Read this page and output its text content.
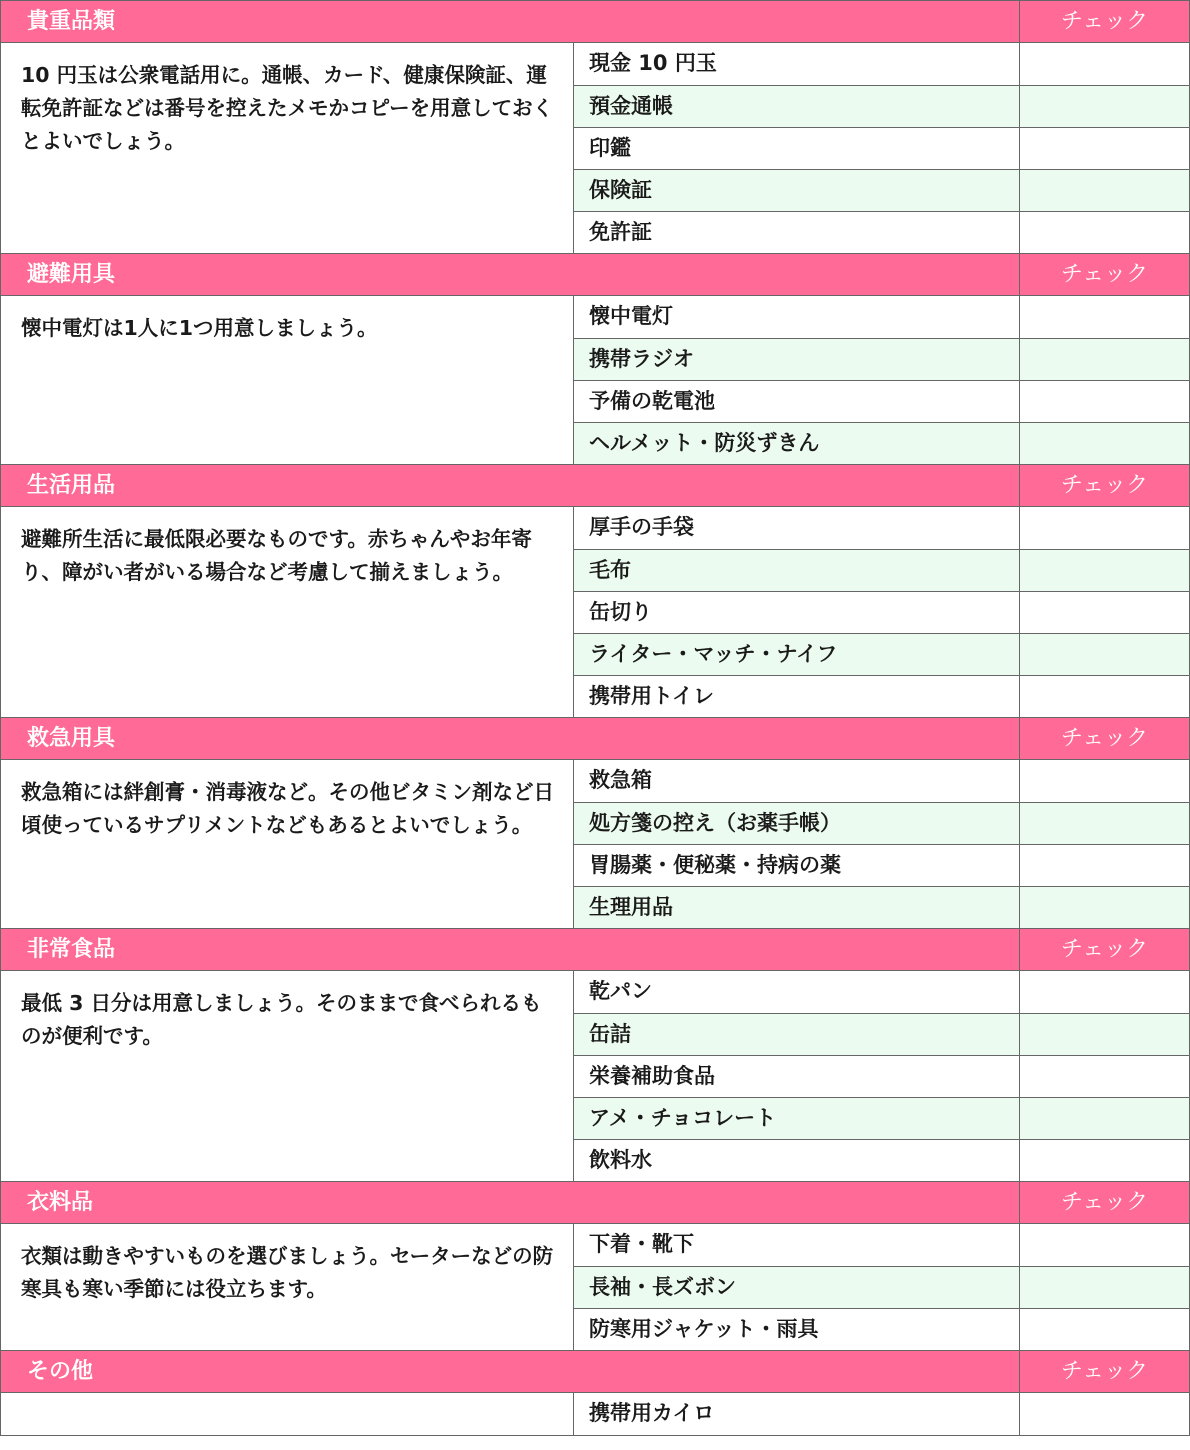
貴重品類	チェック
10 円玉は公衆電話用に。通帳、カード、健康保険証、運転免許証などは番号を控えたメモかコピーを用意しておくとよいでしょう。
現金 10 円玉
預金通帳
印鑑
保険証
免許証
避難用具	チェック
懐中電灯は1人に1つ用意しましょう。	懐中電灯
携帯ラジオ
予備の乾電池
ヘルメット・防災ずきん
生活用品	チェック
避難所生活に最低限必要なものです。赤ちゃんやお年寄り、障がい者がいる場合など考慮して揃えましょう。
厚手の手袋
毛布
缶切り
ライター・マッチ・ナイフ
携帯用トイレ
救急用具	チェック
救急箱には絆創膏・消毒液など。その他ビタミン剤など日頃使っているサプリメントなどもあるとよいでしょう。
救急箱
処方箋の控え（お薬手帳）
胃腸薬・便秘薬・持病の薬
生理用品
非常食品	チェック
最低 3 日分は用意しましょう。そのままで食べられるものが便利です。
乾パン
缶詰
栄養補助食品
アメ・チョコレート
飲料水
衣料品	チェック
衣類は動きやすいものを選びましょう。セーターなどの防寒具も寒い季節には役立ちます。
下着・靴下
長袖・長ズボン
防寒用ジャケット・雨具
その他	チェック
携帯用カイロ
